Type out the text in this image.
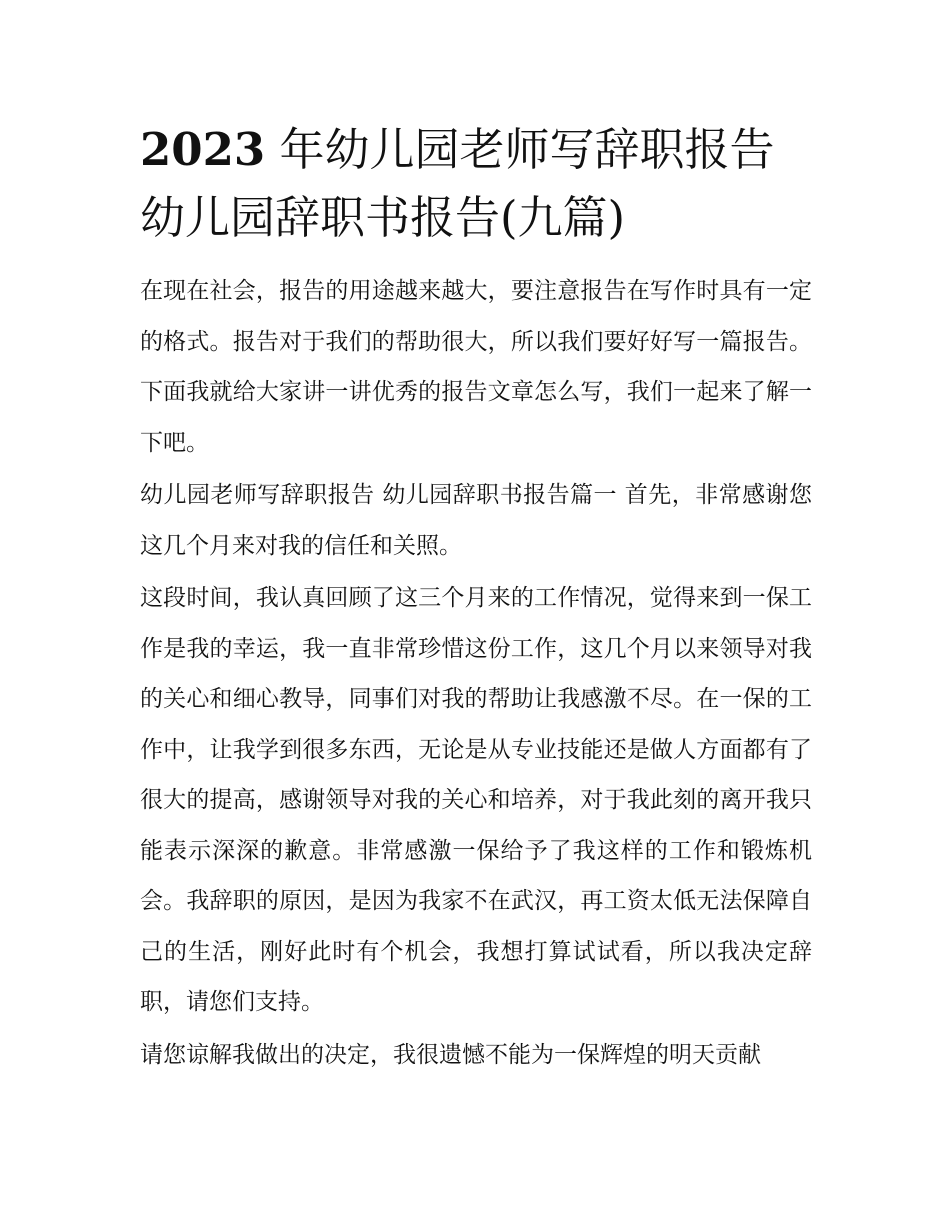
2023 年幼儿园老师写辞职报告
幼儿园辞职书报告(九篇)

在现在社会，报告的用途越来越大，要注意报告在写作时具有一定的格式。报告对于我们的帮助很大，所以我们要好好写一篇报告。下面我就给大家讲一讲优秀的报告文章怎么写，我们一起来了解一下吧。

幼儿园老师写辞职报告 幼儿园辞职书报告篇一 首先，非常感谢您这几个月来对我的信任和关照。

这段时间，我认真回顾了这三个月来的工作情况，觉得来到一保工作是我的幸运，我一直非常珍惜这份工作，这几个月以来领导对我的关心和细心教导，同事们对我的帮助让我感激不尽。在一保的工作中，让我学到很多东西，无论是从专业技能还是做人方面都有了很大的提高，感谢领导对我的关心和培养，对于我此刻的离开我只能表示深深的歉意。非常感激一保给予了我这样的工作和锻炼机会。我辞职的原因，是因为我家不在武汉，再工资太低无法保障自己的生活，刚好此时有个机会，我想打算试试看，所以我决定辞职，请您们支持。

请您谅解我做出的决定，我很遗憾不能为一保辉煌的明天贡献
